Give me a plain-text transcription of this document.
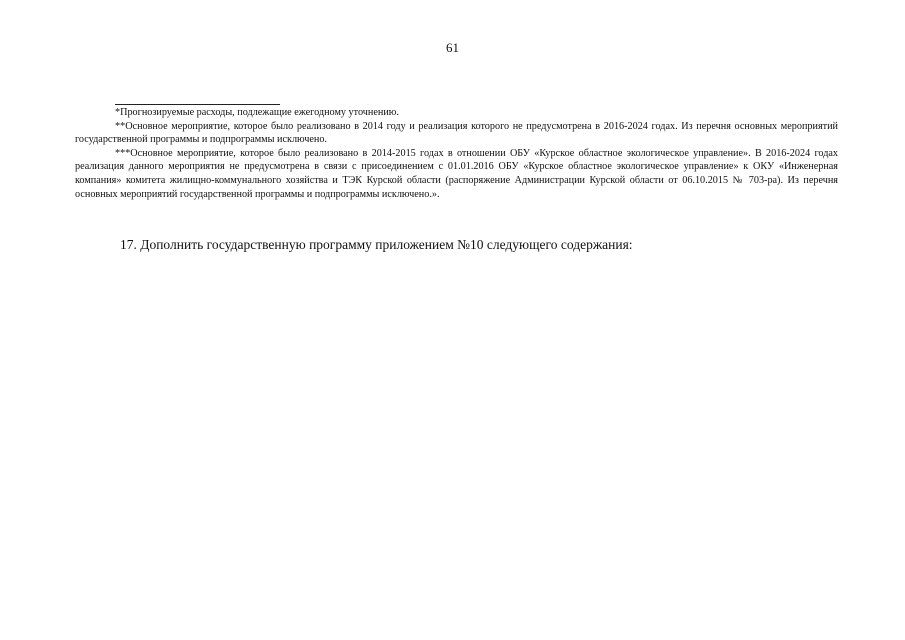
61

*Прогнозируемые расходы, подлежащие ежегодному уточнению.

**Основное мероприятие, которое было реализовано в 2014 году и реализация которого не предусмотрена в 2016-2024 годах. Из перечня основных мероприятий государственной программы и подпрограммы исключено.

***Основное мероприятие, которое было реализовано в 2014-2015 годах в отношении ОБУ «Курское областное экологическое управление». В 2016-2024 годах реализация данного мероприятия не предусмотрена в связи с присоединением с 01.01.2016 ОБУ «Курское областное экологическое управление» к ОКУ «Инженерная компания» комитета жилищно-коммунального хозяйства и ТЭК Курской области (распоряжение Администрации Курской области от 06.10.2015 № 703-ра). Из перечня основных мероприятий государственной программы и подпрограммы исключено.».

17. Дополнить государственную программу приложением №10 следующего содержания:
